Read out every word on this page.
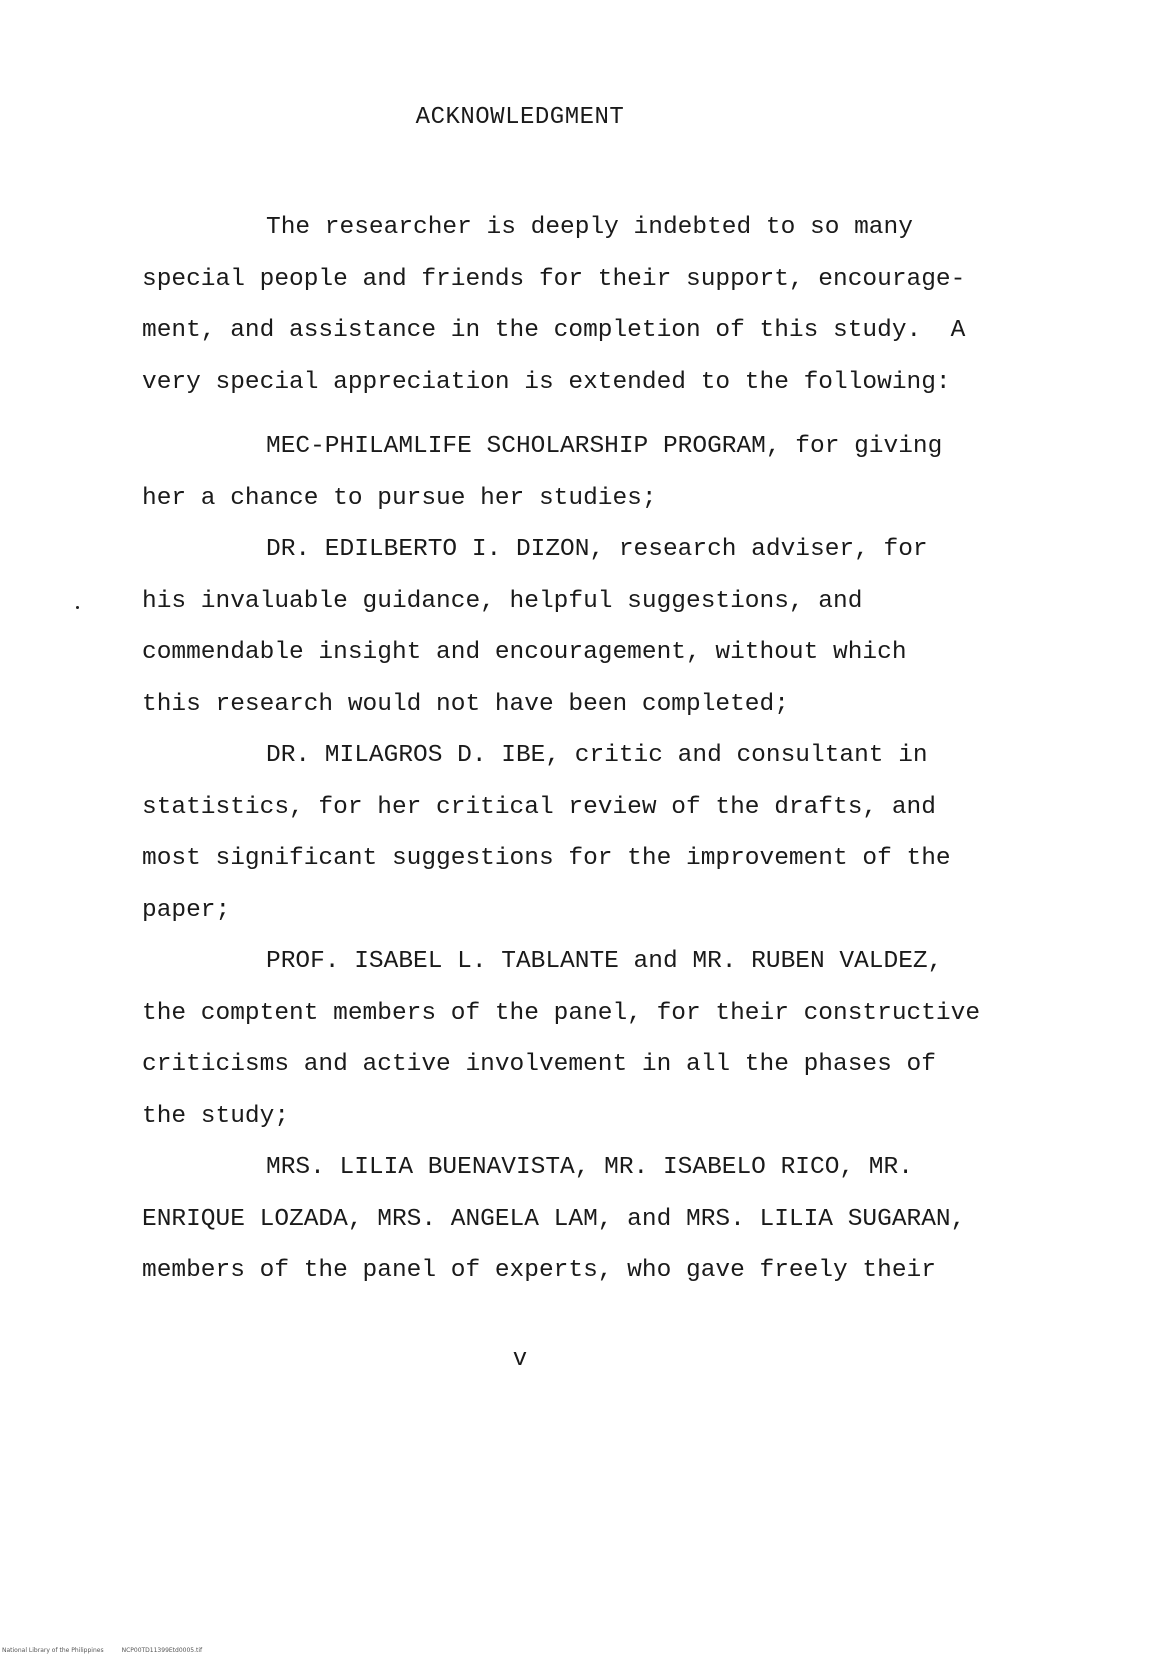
ACKNOWLEDGMENT
The researcher is deeply indebted to so many
special people and friends for their support, encourage-
ment, and assistance in the completion of this study.  A
very special appreciation is extended to the following:
MEC-PHILAMLIFE SCHOLARSHIP PROGRAM, for giving
her a chance to pursue her studies;
DR. EDILBERTO I. DIZON, research adviser, for
his invaluable guidance, helpful suggestions, and
commendable insight and encouragement, without which
this research would not have been completed;
DR. MILAGROS D. IBE, critic and consultant in
statistics, for her critical review of the drafts, and
most significant suggestions for the improvement of the
paper;
PROF. ISABEL L. TABLANTE and MR. RUBEN VALDEZ,
the comptent members of the panel, for their constructive
criticisms and active involvement in all the phases of
the study;
MRS. LILIA BUENAVISTA, MR. ISABELO RICO, MR.
ENRIQUE LOZADA, MRS. ANGELA LAM, and MRS. LILIA SUGARAN,
members of the panel of experts, who gave freely their
v
National Library of the Philippines	NCP00TD11399Etd0005.tif
